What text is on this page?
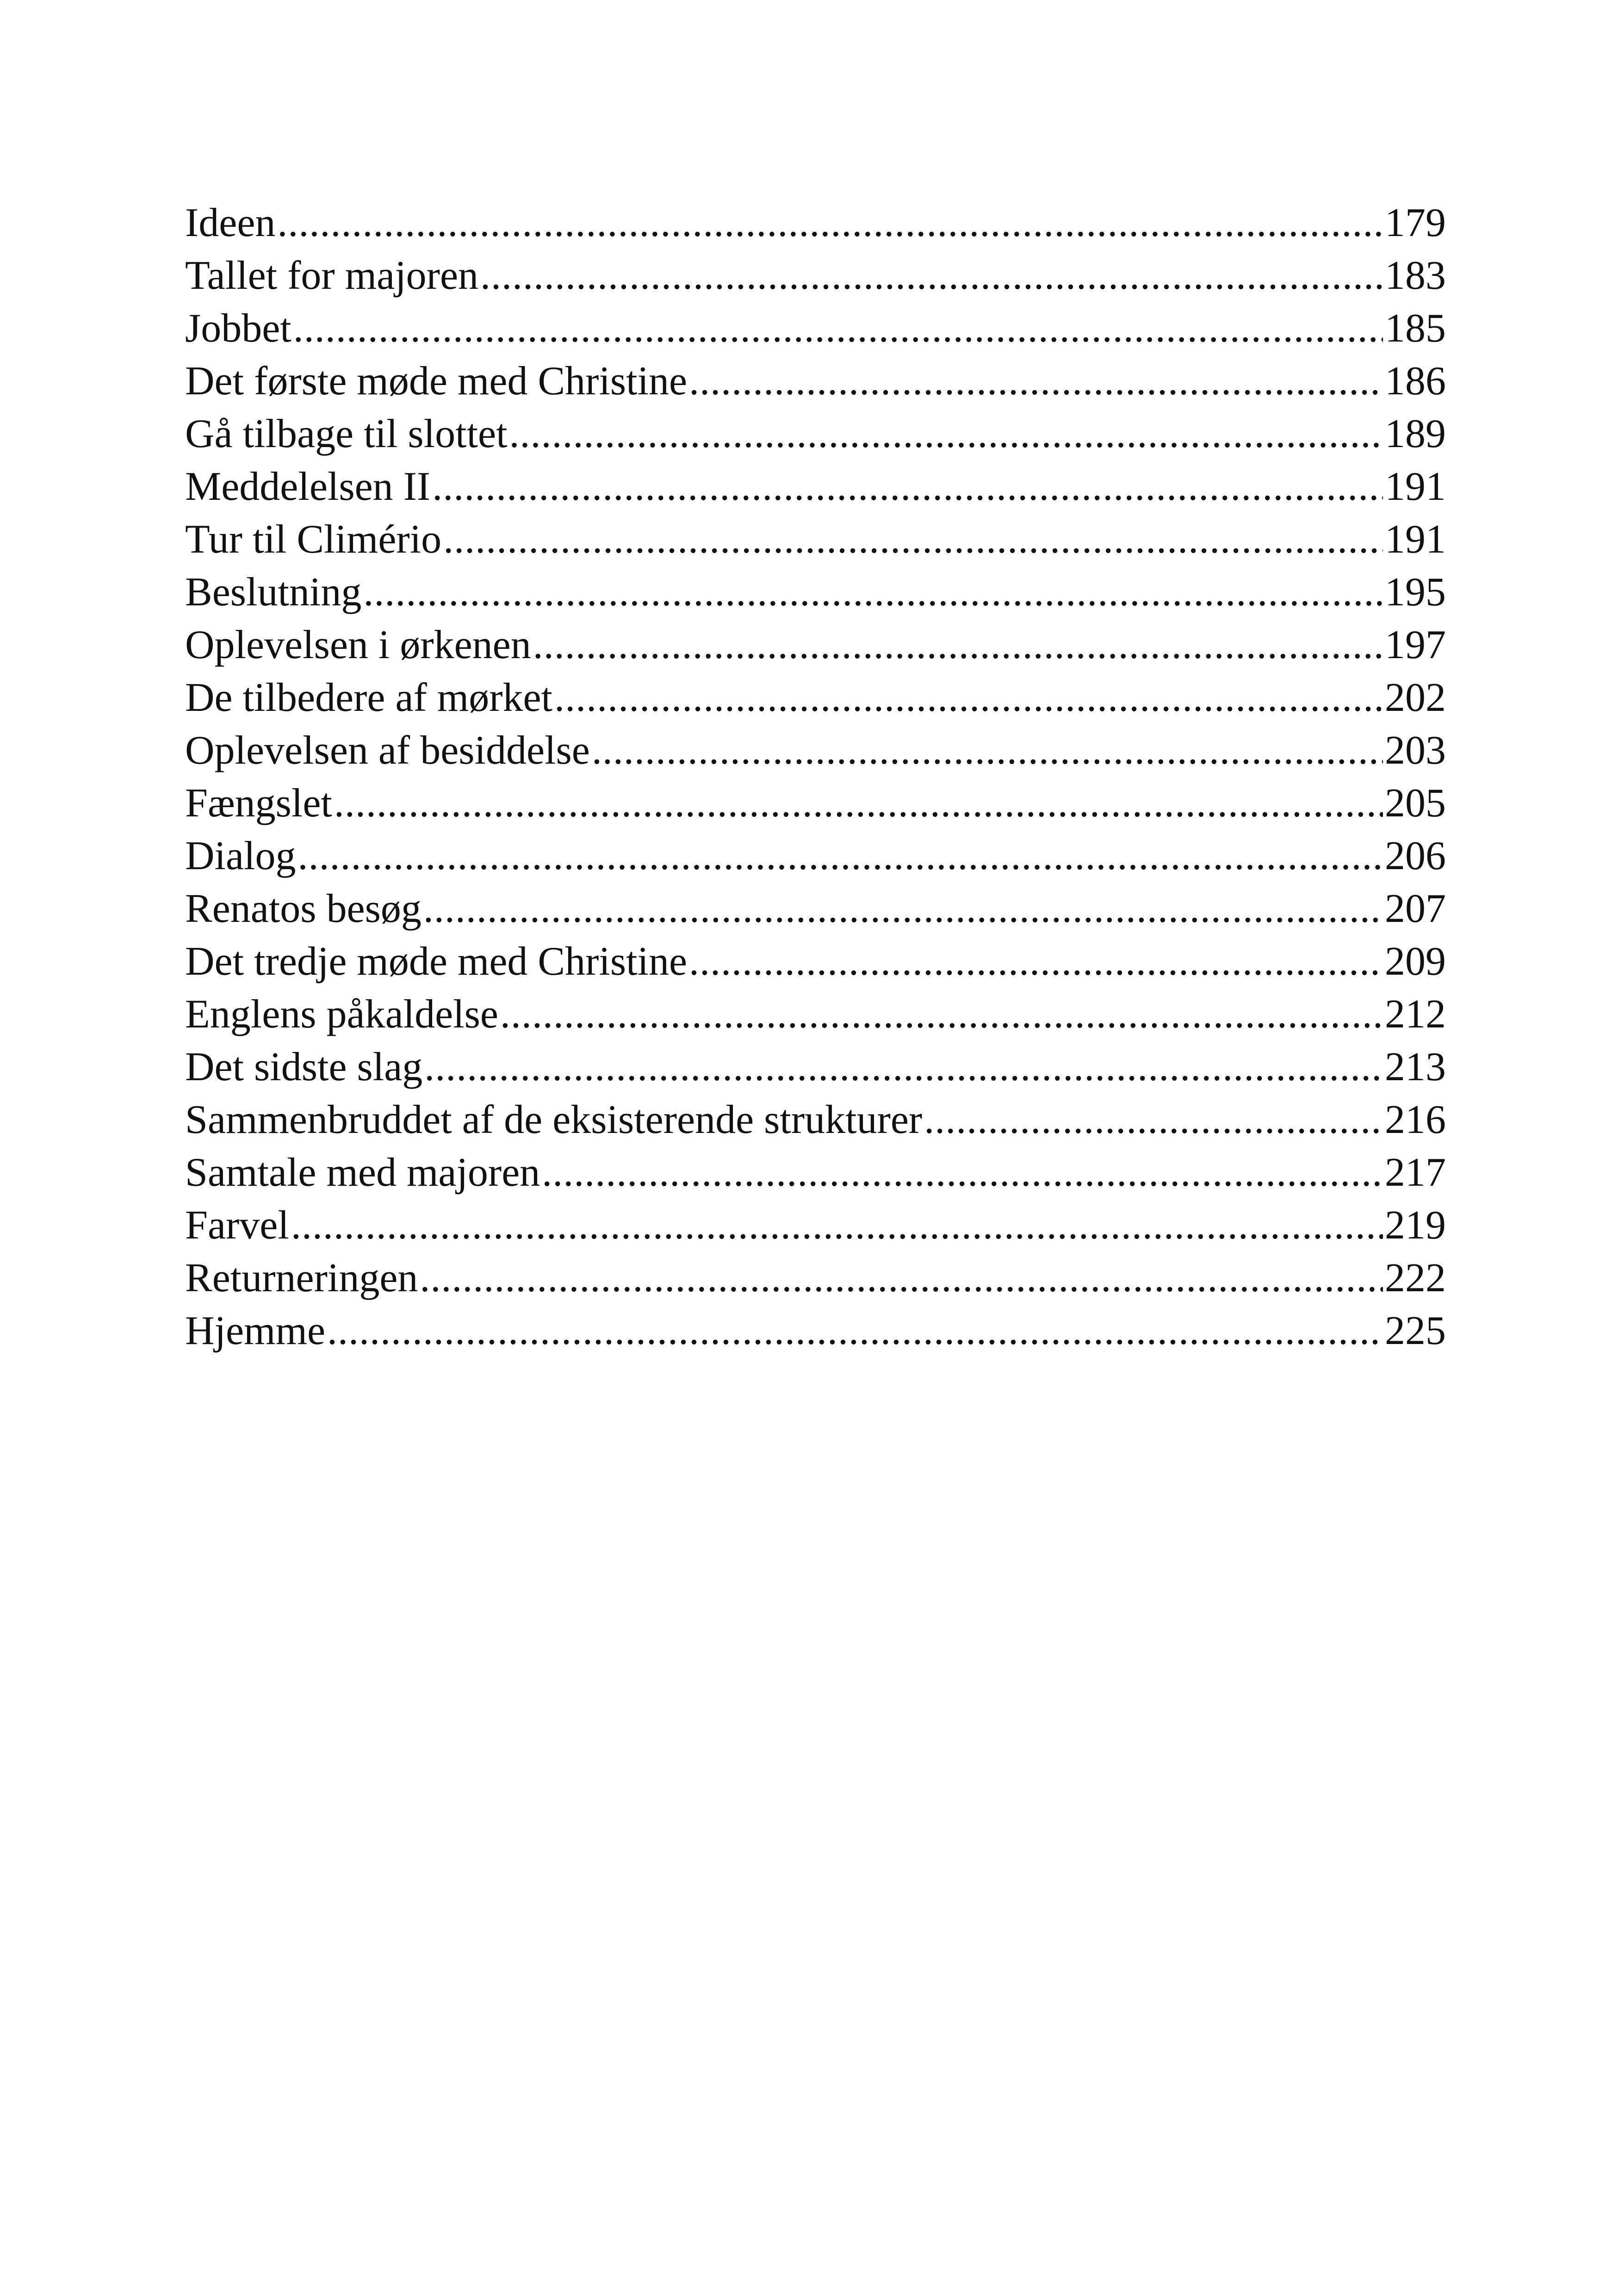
Ideen .....	179
Tallet for majoren .....	183
Jobbet .....	185
Det første møde med Christine .....	186
Gå tilbage til slottet .....	189
Meddelelsen II .....	191
Tur til Climério .....	191
Beslutning .....	195
Oplevelsen i ørkenen .....	197
De tilbedere af mørket .....	202
Oplevelsen af besiddelse .....	203
Fængslet .....	205
Dialog .....	206
Renatos besøg .....	207
Det tredje møde med Christine .....	209
Englens påkaldelse .....	212
Det sidste slag .....	213
Sammenbruddet af de eksisterende strukturer .....	216
Samtale med majoren .....	217
Farvel .....	219
Returneringen .....	222
Hjemme .....	225
